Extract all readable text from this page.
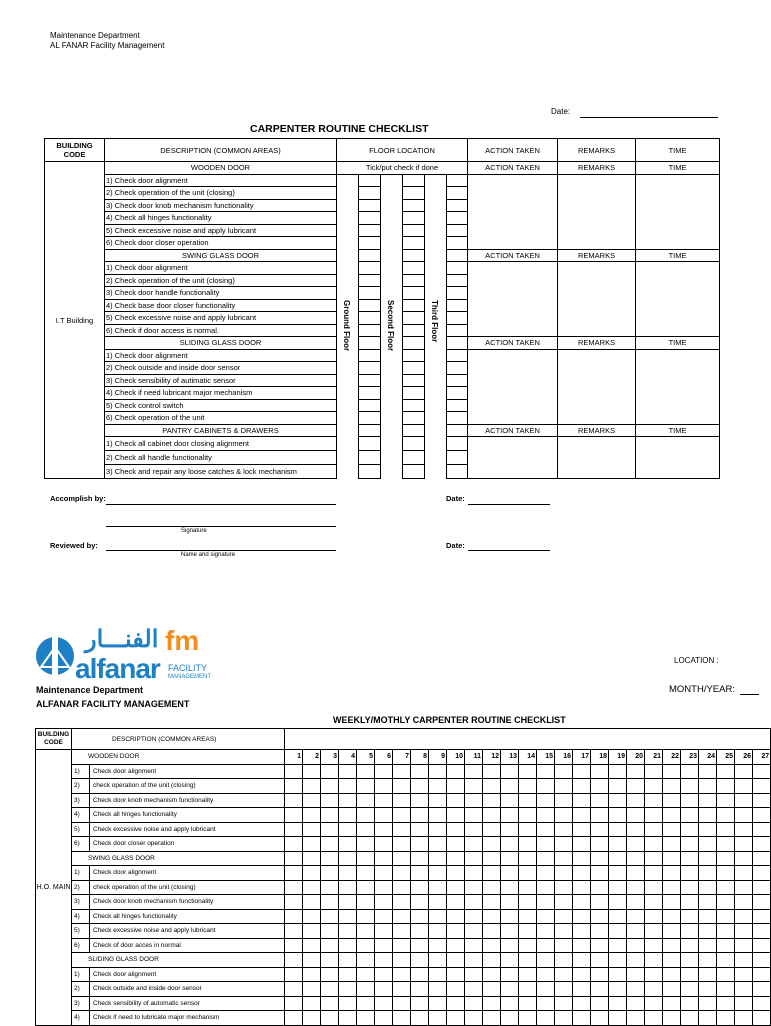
Maintenance Department
AL FANAR Facility Management
Date:
CARPENTER ROUTINE CHECKLIST
BUILDING CODE	DESCRIPTION (COMMON AREAS)	FLOOR LOCATION						ACTION TAKEN	REMARKS	TIME
I.T Building	WOODEN DOOR	Tick/put check if done						ACTION TAKEN	REMARKS	TIME
	1) Check door alignment									
	2) Check operation of the unit (closing)									
	3) Check door knob mechanism functionality									
	4) Check all hinges functionality									
	5) Check excessive noise and apply lubricant									
	6) Check door closer operation									
	SWING GLASS DOOR							ACTION TAKEN	REMARKS	TIME
	1) Check door alignment									
	2) Check operation of the unit (closing)									
	3) Check door handle functionality									
	4) Check base door closer functionality									
	5) Check excessive noise and apply lubricant									
	6) Check if door access is normal.									
	SLIDING GLASS DOOR							ACTION TAKEN	REMARKS	TIME
	1) Check door alignment									
	2) Check outside and inside door sensor									
	3) Check sensibility of autimatic sensor									
	4) Check if need lubricant major mechanism									
	5) Check control switch									
	6) Check operation of the unit									
	PANTRY CABINETS & DRAWERS							ACTION TAKEN	REMARKS	TIME
	1) Check all cabinet door closing alignment									
	2) Check all handle functionality									
	3) Check and repair any loose catches & lock mechanism									
Ground Floor	Second Floor	Third Floor
Accomplish by:	Date:
Signature
Reviewed by:	Date:
Name and signature
الفنـــار
alfanar
fm
FACILITY
MANAGEMENT
LOCATION :
MONTH/YEAR:
Maintenance Department
ALFANAR FACILITY MANAGEMENT
WEEKLY/MOTHLY CARPENTER ROUTINE CHECKLIST
BUILDING CODE	DESCRIPTION (COMMON AREAS)																												
H.O. MAIN	WOODEN DOOR		1	2	3	4	5	6	7	8	9	10	11	12	13	14	15	16	17	18	19	20	21	22	23	24	25	26	27
	1)	Check door alignment																											
	2)	check operation of the unit (closing)																											
	3)	Check door knob mechanism functionality																											
	4)	Check all hinges functionality																											
	5)	Check excessive noise and apply lubricant																											
	6)	Check door closer operation																											
	SWING GLASS DOOR																												
	1)	Check door alignment																											
	2)	check operation of the unit (closing)																											
	3)	Check door knob mechanism functionality																											
	4)	Check all hinges functionality																											
	5)	Check excessive noise and apply lubricant																											
	6)	Check of door acces in normal																											
	SLIDING GLASS DOOR																												
	1)	Check door alignment																											
	2)	Check outside and inside door sensor																											
	3)	Check sensibility of automatic sensor																											
	4)	Check if need to lubricate major mechanism																											
